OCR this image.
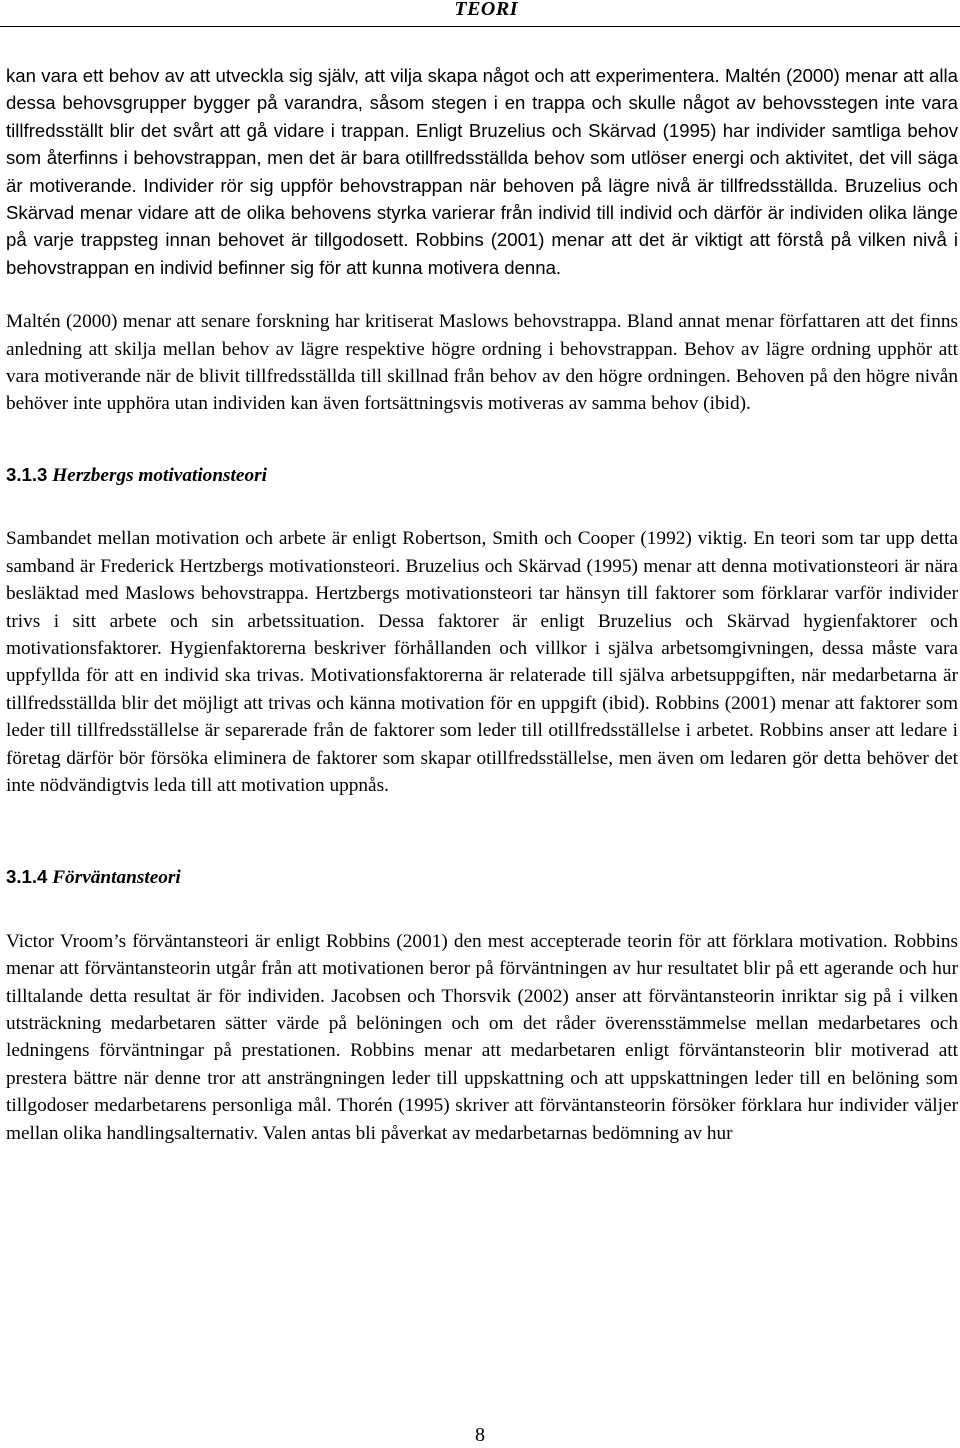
TEORI

kan vara ett behov av att utveckla sig själv, att vilja skapa något och att experimentera. Maltén (2000) menar att alla dessa behovsgrupper bygger på varandra, såsom stegen i en trappa och skulle något av behovsstegen inte vara tillfredsställt blir det svårt att gå vidare i trappan. Enligt Bruzelius och Skärvad (1995) har individer samtliga behov som återfinns i behovstrappan, men det är bara otillfredsställda behov som utlöser energi och aktivitet, det vill säga är motiverande. Individer rör sig uppför behovstrappan när behoven på lägre nivå är tillfredsställda. Bruzelius och Skärvad menar vidare att de olika behovens styrka varierar från individ till individ och därför är individen olika länge på varje trappsteg innan behovet är tillgodosett. Robbins (2001) menar att det är viktigt att förstå på vilken nivå i behovstrappan en individ befinner sig för att kunna motivera denna.

Maltén (2000) menar att senare forskning har kritiserat Maslows behovstrappa. Bland annat menar författaren att det finns anledning att skilja mellan behov av lägre respektive högre ordning i behovstrappan. Behov av lägre ordning upphör att vara motiverande när de blivit tillfredsställda till skillnad från behov av den högre ordningen. Behoven på den högre nivån behöver inte upphöra utan individen kan även fortsättningsvis motiveras av samma behov (ibid).

3.1.3 Herzbergs motivationsteori

Sambandet mellan motivation och arbete är enligt Robertson, Smith och Cooper (1992) viktig. En teori som tar upp detta samband är Frederick Hertzbergs motivationsteori. Bruzelius och Skärvad (1995) menar att denna motivationsteori är nära besläktad med Maslows behovstrappa. Hertzbergs motivationsteori tar hänsyn till faktorer som förklarar varför individer trivs i sitt arbete och sin arbetssituation. Dessa faktorer är enligt Bruzelius och Skärvad hygienfaktorer och motivationsfaktorer. Hygienfaktorerna beskriver förhållanden och villkor i själva arbetsomgivningen, dessa måste vara uppfyllda för att en individ ska trivas. Motivationsfaktorerna är relaterade till själva arbetsuppgiften, när medarbetarna är tillfredsställda blir det möjligt att trivas och känna motivation för en uppgift (ibid). Robbins (2001) menar att faktorer som leder till tillfredsställelse är separerade från de faktorer som leder till otillfredsställelse i arbetet. Robbins anser att ledare i företag därför bör försöka eliminera de faktorer som skapar otillfredsställelse, men även om ledaren gör detta behöver det inte nödvändigtvis leda till att motivation uppnås.

3.1.4 Förväntansteori

Victor Vroom’s förväntansteori är enligt Robbins (2001) den mest accepterade teorin för att förklara motivation. Robbins menar att förväntansteorin utgår från att motivationen beror på förväntningen av hur resultatet blir på ett agerande och hur tilltalande detta resultat är för individen. Jacobsen och Thorsvik (2002) anser att förväntansteorin inriktar sig på i vilken utsträckning medarbetaren sätter värde på belöningen och om det råder överensstämmelse mellan medarbetares och ledningens förväntningar på prestationen. Robbins menar att medarbetaren enligt förväntansteorin blir motiverad att prestera bättre när denne tror att ansträngningen leder till uppskattning och att uppskattningen leder till en belöning som tillgodoser medarbetarens personliga mål. Thorén (1995) skriver att förväntansteorin försöker förklara hur individer väljer mellan olika handlingsalternativ. Valen antas bli påverkat av medarbetarnas bedömning av hur

8
